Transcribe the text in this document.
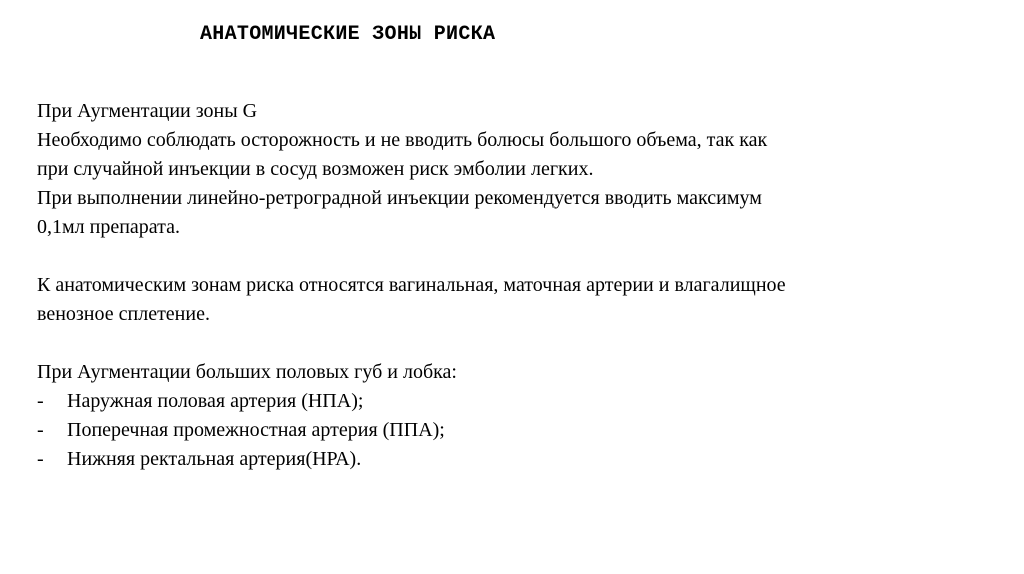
АНАТОМИЧЕСКИЕ ЗОНЫ РИСКА
При Аугментации зоны G
Необходимо соблюдать осторожность и не вводить болюсы большого объема, так как
при случайной инъекции в сосуд возможен риск эмболии легких.
При выполнении линейно-ретроградной инъекции рекомендуется вводить максимум
0,1мл препарата.
К анатомическим зонам риска относятся вагинальная, маточная артерии и влагалищное
венозное сплетение.
При Аугментации больших половых губ и лобка:
- Наружная половая артерия (НПА);
- Поперечная промежностная артерия (ППА);
- Нижняя ректальная артерия(НРА).
